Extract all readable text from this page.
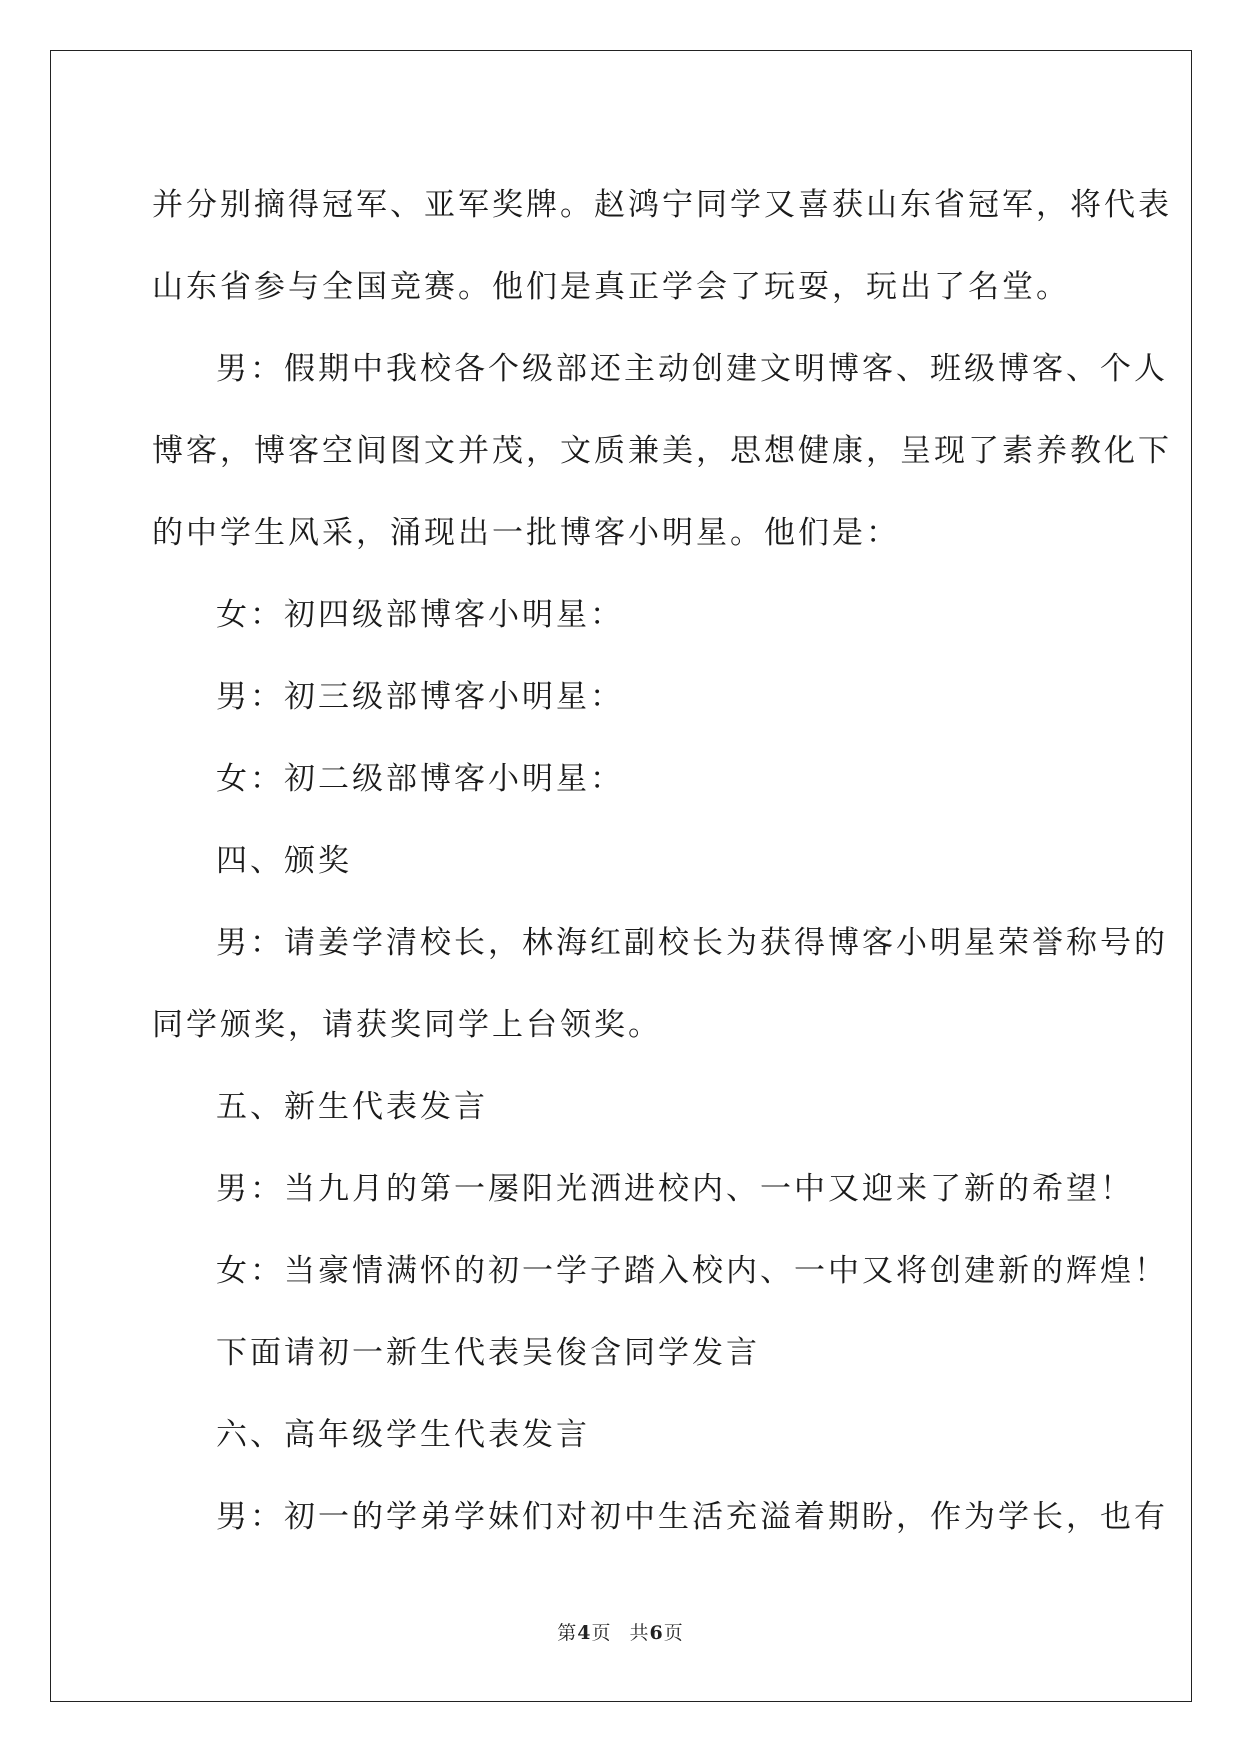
并分别摘得冠军、亚军奖牌。赵鸿宁同学又喜获山东省冠军，将代表

山东省参与全国竞赛。他们是真正学会了玩耍，玩出了名堂。

男：假期中我校各个级部还主动创建文明博客、班级博客、个人

博客，博客空间图文并茂，文质兼美，思想健康，呈现了素养教化下

的中学生风采，涌现出一批博客小明星。他们是：

女：初四级部博客小明星：

男：初三级部博客小明星：

女：初二级部博客小明星：

四、颁奖

男：请姜学清校长，林海红副校长为获得博客小明星荣誉称号的

同学颁奖，请获奖同学上台领奖。

五、新生代表发言

男：当九月的第一屡阳光洒进校内、一中又迎来了新的希望！

女：当豪情满怀的初一学子踏入校内、一中又将创建新的辉煌！

下面请初一新生代表吴俊含同学发言

六、高年级学生代表发言

男：初一的学弟学妹们对初中生活充溢着期盼，作为学长，也有

第4页 共6页
